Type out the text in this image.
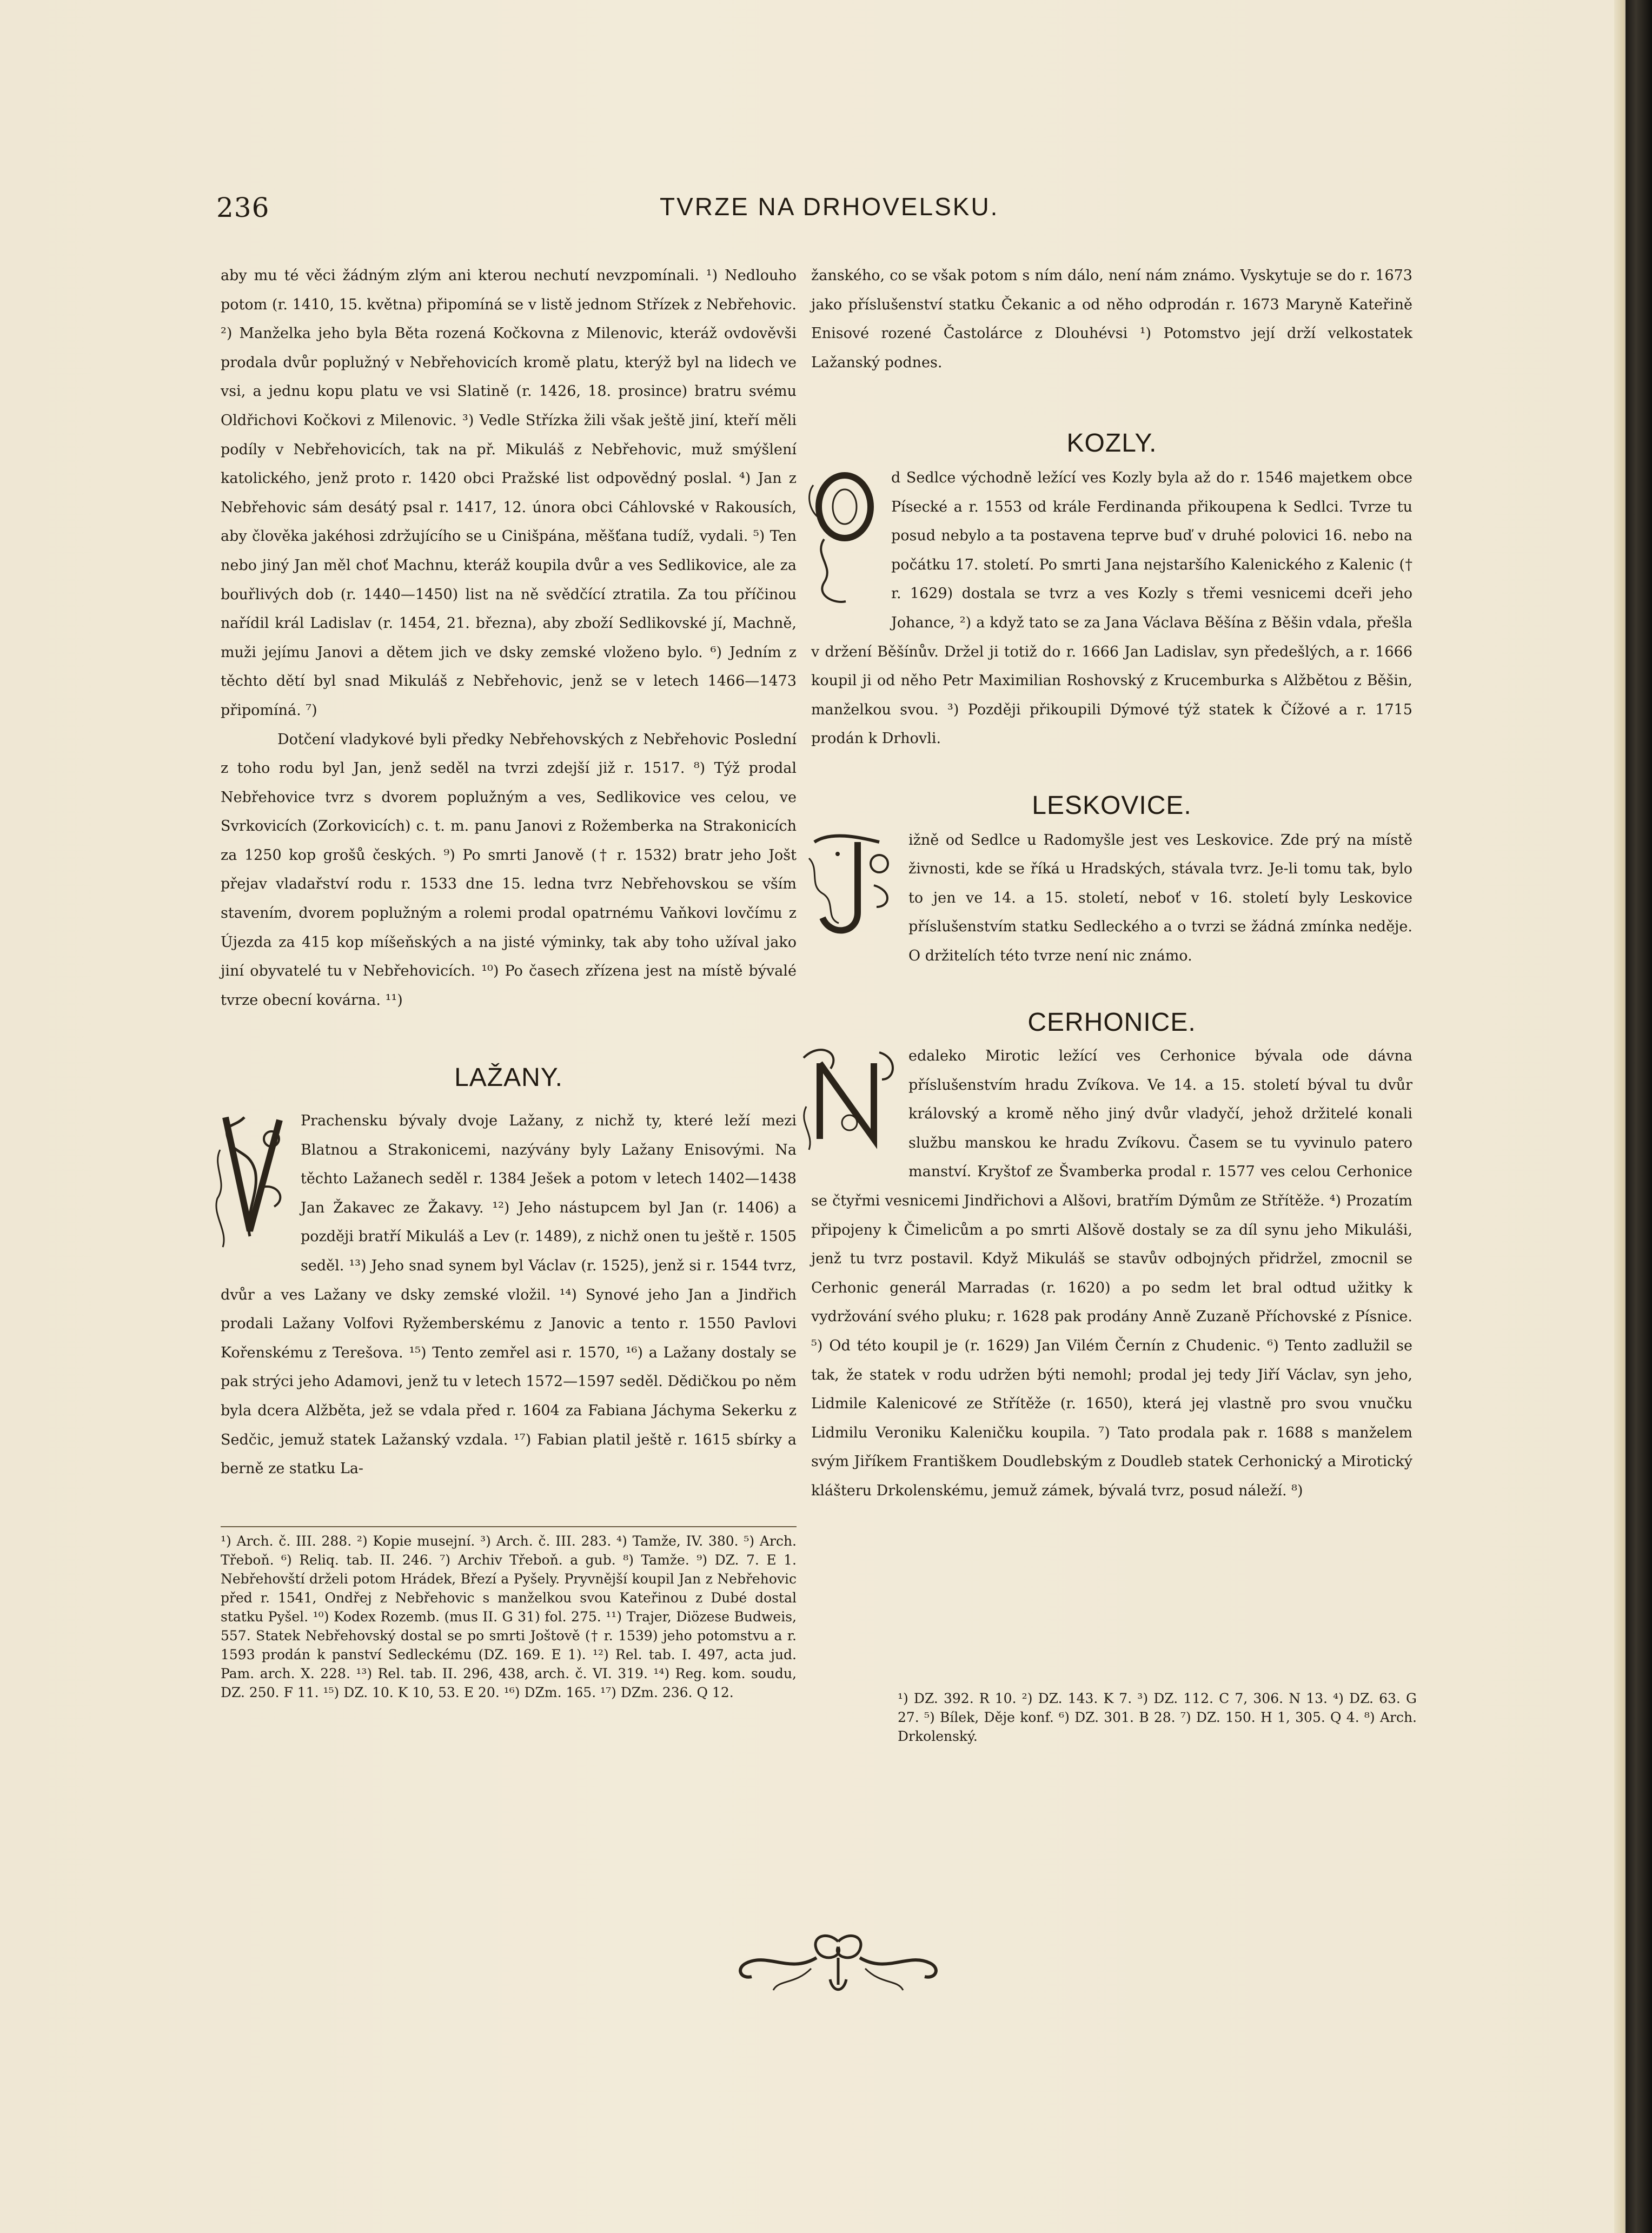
236	TVRZE NA DRHOVELSKU.

aby mu té věci žádným zlým ani kterou nechutí nevzpomínali. ¹) Nedlouho potom (r. 1410, 15. května) připomíná se v listě jednom Střízek z Nebřehovic. ²) Manželka jeho byla Běta rozená Kočkovna z Milenovic, kteráž ovdověvši prodala dvůr poplužný v Nebřehovicích kromě platu, kterýž byl na lidech ve vsi, a jednu kopu platu ve vsi Slatině (r. 1426, 18. prosince) bratru svému Oldřichovi Kočkovi z Milenovic. ³) Vedle Střízka žili však ještě jiní, kteří měli podíly v Nebřehovicích, tak na př. Mikuláš z Nebřehovic, muž smýšlení katolického, jenž proto r. 1420 obci Pražské list odpovědný poslal. ⁴) Jan z Nebřehovic sám desátý psal r. 1417, 12. února obci Cáhlovské v Rakousích, aby člověka jakéhosi zdržujícího se u Cinišpána, měšťana tudíž, vydali. ⁵) Ten nebo jiný Jan měl choť Machnu, kteráž koupila dvůr a ves Sedlikovice, ale za bouřlivých dob (r. 1440—1450) list na ně svědčící ztratila. Za tou příčinou nařídil král Ladislav (r. 1454, 21. března), aby zboží Sedlikovské jí, Machně, muži jejímu Janovi a dětem jich ve dsky zemské vloženo bylo. ⁶) Jedním z těchto dětí byl snad Mikuláš z Nebřehovic, jenž se v letech 1466—1473 připomíná. ⁷)

Dotčení vladykové byli předky Nebřehovských z Nebřehovic Poslední z toho rodu byl Jan, jenž seděl na tvrzi zdejší již r. 1517. ⁸) Týž prodal Nebřehovice tvrz s dvorem poplužným a ves, Sedlikovice ves celou, ve Svrkovicích (Zorkovicích) c. t. m. panu Janovi z Rožemberka na Strakonicích za 1250 kop grošů českých. ⁹) Po smrti Janově († r. 1532) bratr jeho Jošt přejav vladařství rodu r. 1533 dne 15. ledna tvrz Nebřehovskou se vším stavením, dvorem poplužným a rolemi prodal opatrnému Vaňkovi lovčímu z Újezda za 415 kop míšeňských a na jisté výminky, tak aby toho užíval jako jiní obyvatelé tu v Nebřehovicích. ¹⁰) Po časech zřízena jest na místě bývalé tvrze obecní kovárna. ¹¹)

LAŽANY.

Prachensku bývaly dvoje Lažany, z nichž ty, které leží mezi Blatnou a Strakonicemi, nazývány byly Lažany Enisovými. Na těchto Lažanech seděl r. 1384 Ješek a potom v letech 1402—1438 Jan Žakavec ze Žakavy. ¹²) Jeho nástupcem byl Jan (r. 1406) a později bratří Mikuláš a Lev (r. 1489), z nichž onen tu ještě r. 1505 seděl. ¹³) Jeho snad synem byl Václav (r. 1525), jenž si r. 1544 tvrz, dvůr a ves Lažany ve dsky zemské vložil. ¹⁴) Synové jeho Jan a Jindřich prodali Lažany Volfovi Ryžemberskému z Janovic a tento r. 1550 Pavlovi Kořenskému z Terešova. ¹⁵) Tento zemřel asi r. 1570, ¹⁶) a Lažany dostaly se pak strýci jeho Adamovi, jenž tu v letech 1572—1597 seděl. Dědičkou po něm byla dcera Alžběta, jež se vdala před r. 1604 za Fabiana Jáchyma Sekerku z Sedčic, jemuž statek Lažanský vzdala. ¹⁷) Fabian platil ještě r. 1615 sbírky a berně ze statku La-

¹) Arch. č. III. 288. ²) Kopie musejní. ³) Arch. č. III. 283. ⁴) Tamže, IV. 380. ⁵) Arch. Třeboň. ⁶) Reliq. tab. II. 246. ⁷) Archiv Třeboň. a gub. ⁸) Tamže. ⁹) DZ. 7. E 1. Nebřehovští drželi potom Hrádek, Březí a Pyšely. Pryvnější koupil Jan z Nebřehovic před r. 1541, Ondřej z Nebřehovic s manželkou svou Kateřinou z Dubé dostal statku Pyšel. ¹⁰) Kodex Rozemb. (mus II. G 31) fol. 275. ¹¹) Trajer, Diözese Budweis, 557. Statek Nebřehovský dostal se po smrti Joštově († r. 1539) jeho potomstvu a r. 1593 prodán k panství Sedleckému (DZ. 169. E 1). ¹²) Rel. tab. I. 497, acta jud. Pam. arch. X. 228. ¹³) Rel. tab. II. 296, 438, arch. č. VI. 319. ¹⁴) Reg. kom. soudu, DZ. 250. F 11. ¹⁵) DZ. 10. K 10, 53. E 20. ¹⁶) DZm. 165. ¹⁷) DZm. 236. Q 12.

žanského, co se však potom s ním dálo, není nám známo. Vyskytuje se do r. 1673 jako příslušenství statku Čekanic a od něho odprodán r. 1673 Maryně Kateřině Enisové rozené Častolárce z Dlouhévsi ¹) Potomstvo její drží velkostatek Lažanský podnes.

KOZLY.

d Sedlce východně ležící ves Kozly byla až do r. 1546 majetkem obce Písecké a r. 1553 od krále Ferdinanda přikoupena k Sedlci. Tvrze tu posud nebylo a ta postavena teprve buď v druhé polovici 16. nebo na počátku 17. století. Po smrti Jana nejstaršího Kalenického z Kalenic († r. 1629) dostala se tvrz a ves Kozly s třemi vesnicemi dceři jeho Johance, ²) a když tato se za Jana Václava Běšína z Běšin vdala, přešla v držení Běšínův. Držel ji totiž do r. 1666 Jan Ladislav, syn předešlých, a r. 1666 koupil ji od něho Petr Maximilian Roshovský z Krucemburka s Alžbětou z Běšin, manželkou svou. ³) Později přikoupili Dýmové týž statek k Čížové a r. 1715 prodán k Drhovli.

LESKOVICE.

ižně od Sedlce u Radomyšle jest ves Leskovice. Zde prý na místě živnosti, kde se říká u Hradských, stávala tvrz. Je-li tomu tak, bylo to jen ve 14. a 15. století, neboť v 16. století byly Leskovice příslušenstvím statku Sedleckého a o tvrzi se žádná zmínka neděje. O držitelích této tvrze není nic známo.

CERHONICE.

edaleko Mirotic ležící ves Cerhonice bývala ode dávna příslušenstvím hradu Zvíkova. Ve 14. a 15. století býval tu dvůr královský a kromě něho jiný dvůr vladyčí, jehož držitelé konali službu manskou ke hradu Zvíkovu. Časem se tu vyvinulo patero manství. Kryštof ze Švamberka prodal r. 1577 ves celou Cerhonice se čtyřmi vesnicemi Jindřichovi a Alšovi, bratřím Dýmům ze Střítěže. ⁴) Prozatím připojeny k Čimelicům a po smrti Alšově dostaly se za díl synu jeho Mikuláši, jenž tu tvrz postavil. Když Mikuláš se stavův odbojných přidržel, zmocnil se Cerhonic generál Marradas (r. 1620) a po sedm let bral odtud užitky k vydržování svého pluku; r. 1628 pak prodány Anně Zuzaně Příchovské z Písnice. ⁵) Od této koupil je (r. 1629) Jan Vilém Černín z Chudenic. ⁶) Tento zadlužil se tak, že statek v rodu udržen býti nemohl; prodal jej tedy Jiří Václav, syn jeho, Lidmile Kalenicové ze Střítěže (r. 1650), která jej vlastně pro svou vnučku Lidmilu Veroniku Kaleničku koupila. ⁷) Tato prodala pak r. 1688 s manželem svým Jiříkem Františkem Doudlebským z Doudleb statek Cerhonický a Mirotický klášteru Drkolenskému, jemuž zámek, bývalá tvrz, posud náleží. ⁸)

¹) DZ. 392. R 10. ²) DZ. 143. K 7. ³) DZ. 112. C 7, 306. N 13. ⁴) DZ. 63. G 27. ⁵) Bílek, Děje konf. ⁶) DZ. 301. B 28. ⁷) DZ. 150. H 1, 305. Q 4. ⁸) Arch. Drkolenský.
